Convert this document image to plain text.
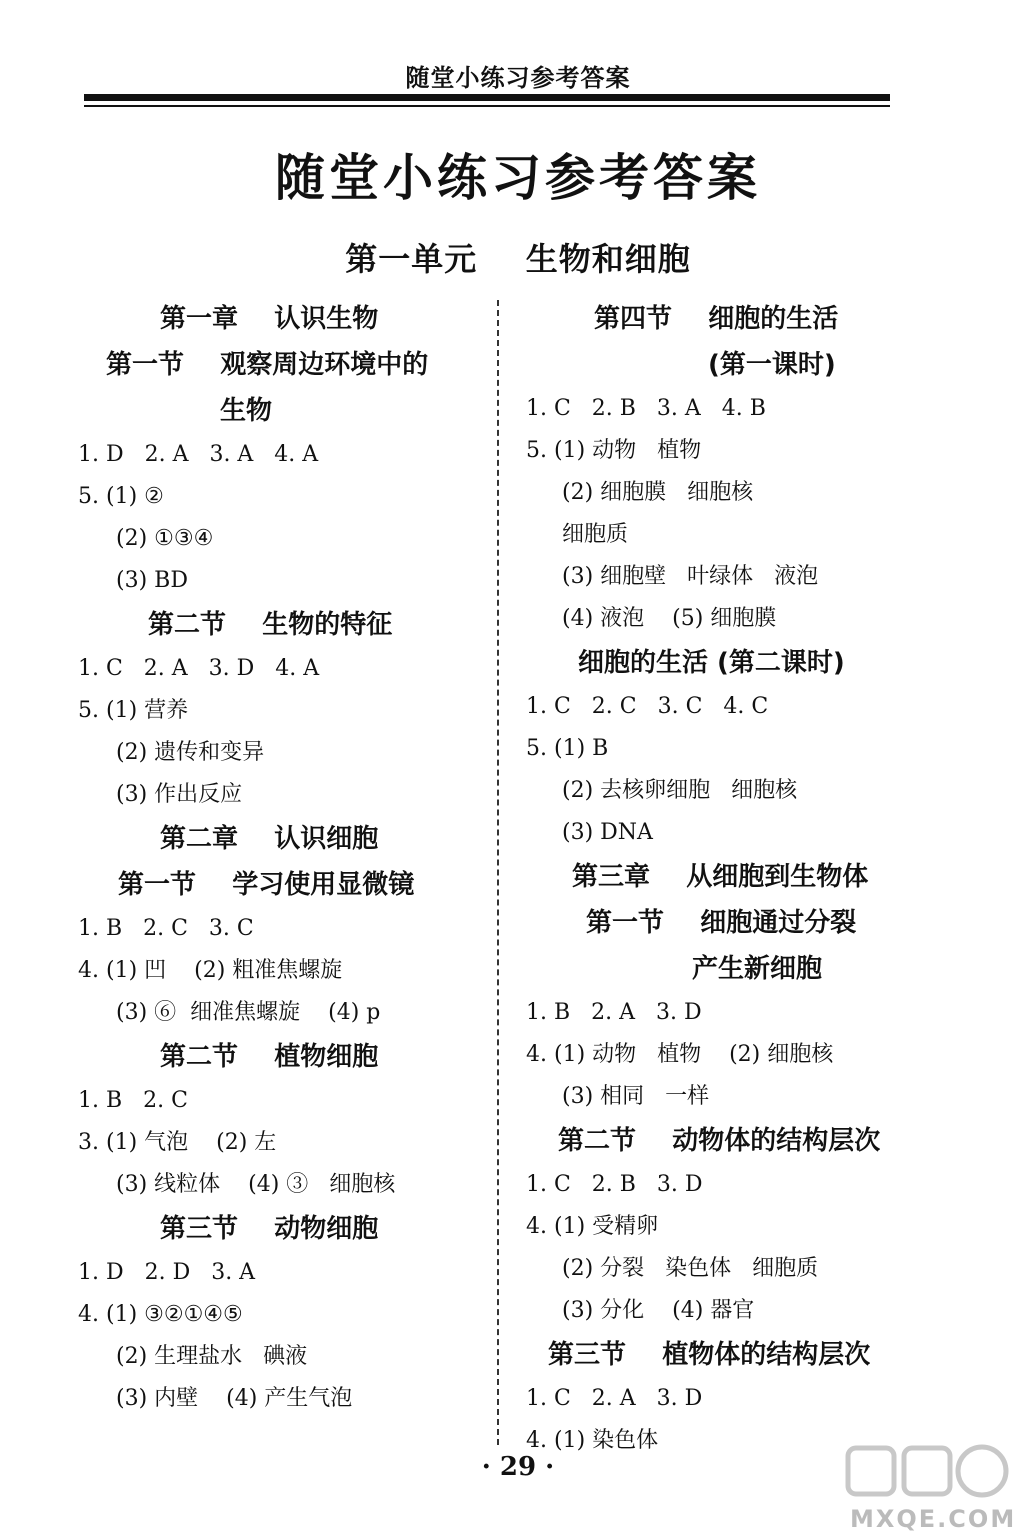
随堂小练习参考答案
随堂小练习参考答案
第一单元    生物和细胞
第一章    认识生物
第一节    观察周边环境中的
生物
1. D   2. A   3. A   4. A
5. (1) ②
(2) ①③④
(3) BD
第二节    生物的特征
1. C   2. A   3. D   4. A
5. (1) 营养
(2) 遗传和变异
(3) 作出反应
第二章    认识细胞
第一节    学习使用显微镜
1. B   2. C   3. C
4. (1) 凹    (2) 粗准焦螺旋
(3) ⑥  细准焦螺旋    (4) p
第二节    植物细胞
1. B   2. C
3. (1) 气泡    (2) 左
(3) 线粒体    (4) ③   细胞核
第三节    动物细胞
1. D   2. D   3. A
4. (1) ③②①④⑤
(2) 生理盐水   碘液
(3) 内壁    (4) 产生气泡
第四节    细胞的生活
(第一课时)
1. C   2. B   3. A   4. B
5. (1) 动物   植物
(2) 细胞膜   细胞核
细胞质
(3) 细胞壁   叶绿体   液泡
(4) 液泡    (5) 细胞膜
细胞的生活 (第二课时)
1. C   2. C   3. C   4. C
5. (1) B
(2) 去核卵细胞   细胞核
(3) DNA
第三章    从细胞到生物体
第一节    细胞通过分裂
产生新细胞
1. B   2. A   3. D
4. (1) 动物   植物    (2) 细胞核
(3) 相同   一样
第二节    动物体的结构层次
1. C   2. B   3. D
4. (1) 受精卵
(2) 分裂   染色体   细胞质
(3) 分化    (4) 器官
第三节    植物体的结构层次
1. C   2. A   3. D
4. (1) 染色体
· 29 ·
MXQE.COM
